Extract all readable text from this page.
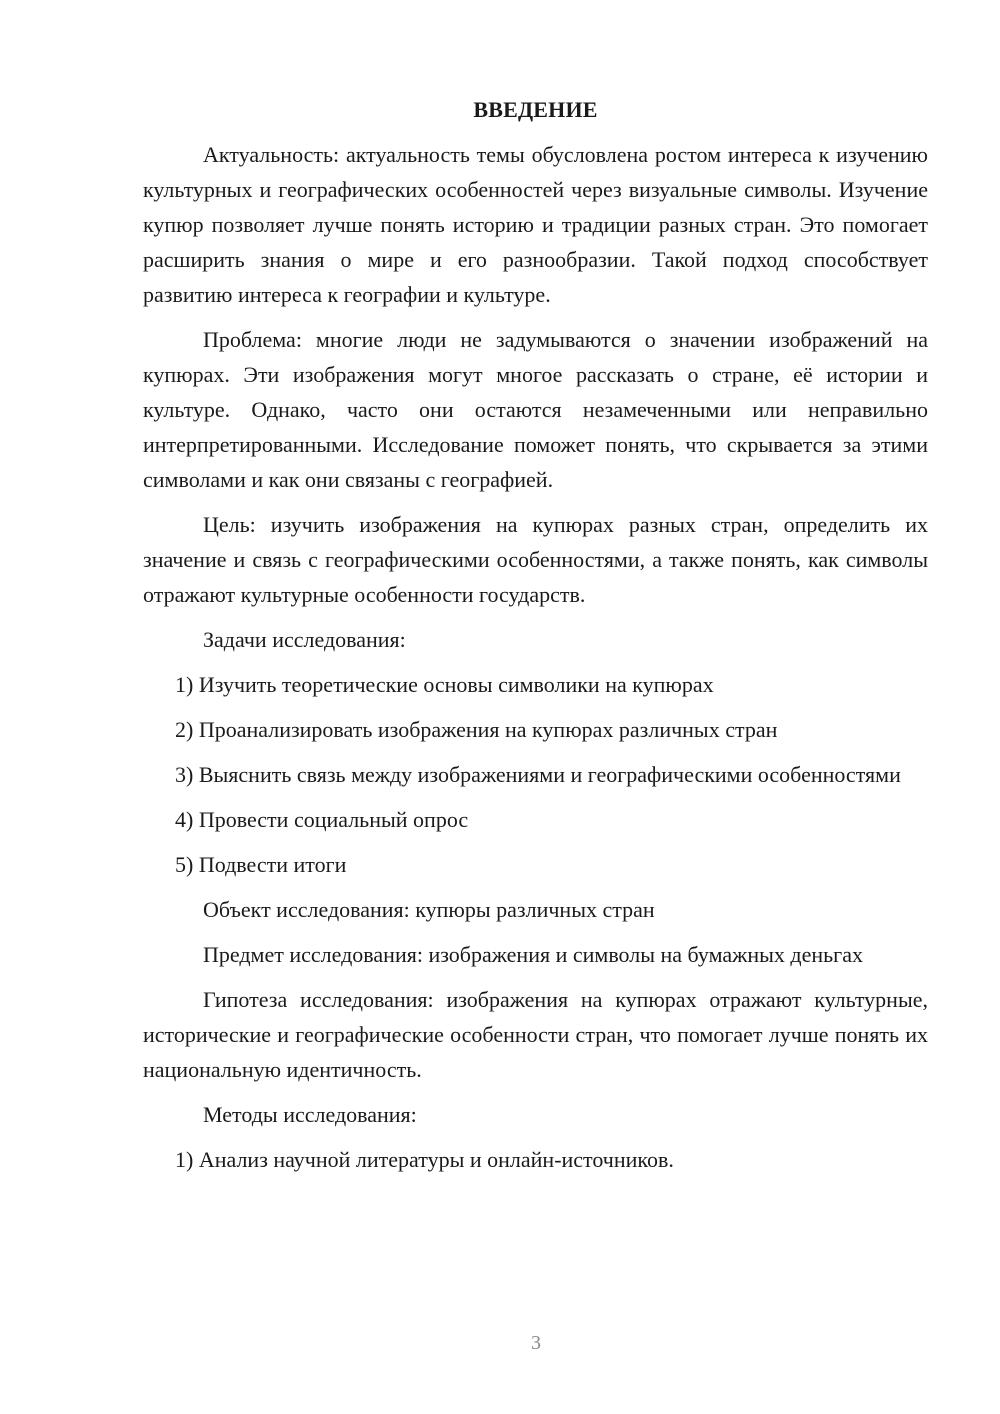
ВВЕДЕНИЕ

Актуальность: актуальность темы обусловлена ростом интереса к изучению культурных и географических особенностей через визуальные символы. Изучение купюр позволяет лучше понять историю и традиции разных стран. Это помогает расширить знания о мире и его разнообразии. Такой подход способствует развитию интереса к географии и культуре.

Проблема: многие люди не задумываются о значении изображений на купюрах. Эти изображения могут многое рассказать о стране, её истории и культуре. Однако, часто они остаются незамеченными или неправильно интерпретированными. Исследование поможет понять, что скрывается за этими символами и как они связаны с географией.

Цель: изучить изображения на купюрах разных стран, определить их значение и связь с географическими особенностями, а также понять, как символы отражают культурные особенности государств.

Задачи исследования:

1) Изучить теоретические основы символики на купюрах

2) Проанализировать изображения на купюрах различных стран

3) Выяснить связь между изображениями и географическими особенностями

4) Провести социальный опрос

5) Подвести итоги

Объект исследования: купюры различных стран

Предмет исследования: изображения и символы на бумажных деньгах

Гипотеза исследования: изображения на купюрах отражают культурные, исторические и географические особенности стран, что помогает лучше понять их национальную идентичность.

Методы исследования:

1) Анализ научной литературы и онлайн-источников.

3
